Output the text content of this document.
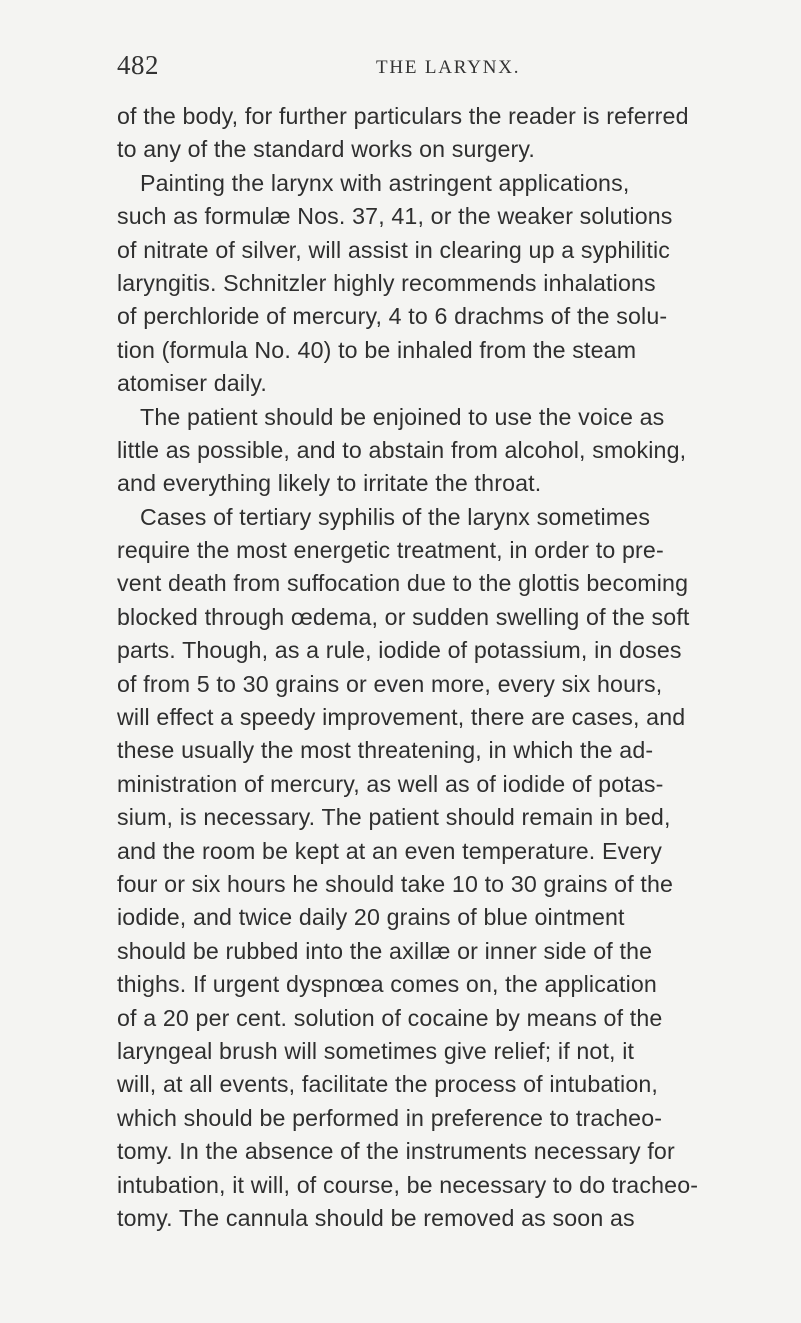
482	THE LARYNX.
of the body, for further particulars the reader is referred
to any of the standard works on surgery.
Painting the larynx with astringent applications,
such as formulæ Nos. 37, 41, or the weaker solutions
of nitrate of silver, will assist in clearing up a syphilitic
laryngitis. Schnitzler highly recommends inhalations
of perchloride of mercury, 4 to 6 drachms of the solu-
tion (formula No. 40) to be inhaled from the steam
atomiser daily.
The patient should be enjoined to use the voice as
little as possible, and to abstain from alcohol, smoking,
and everything likely to irritate the throat.
Cases of tertiary syphilis of the larynx sometimes
require the most energetic treatment, in order to pre-
vent death from suffocation due to the glottis becoming
blocked through œdema, or sudden swelling of the soft
parts. Though, as a rule, iodide of potassium, in doses
of from 5 to 30 grains or even more, every six hours,
will effect a speedy improvement, there are cases, and
these usually the most threatening, in which the ad-
ministration of mercury, as well as of iodide of potas-
sium, is necessary. The patient should remain in bed,
and the room be kept at an even temperature. Every
four or six hours he should take 10 to 30 grains of the
iodide, and twice daily 20 grains of blue ointment
should be rubbed into the axillæ or inner side of the
thighs. If urgent dyspnœa comes on, the application
of a 20 per cent. solution of cocaine by means of the
laryngeal brush will sometimes give relief; if not, it
will, at all events, facilitate the process of intubation,
which should be performed in preference to tracheo-
tomy. In the absence of the instruments necessary for
intubation, it will, of course, be necessary to do tracheo-
tomy. The cannula should be removed as soon as
